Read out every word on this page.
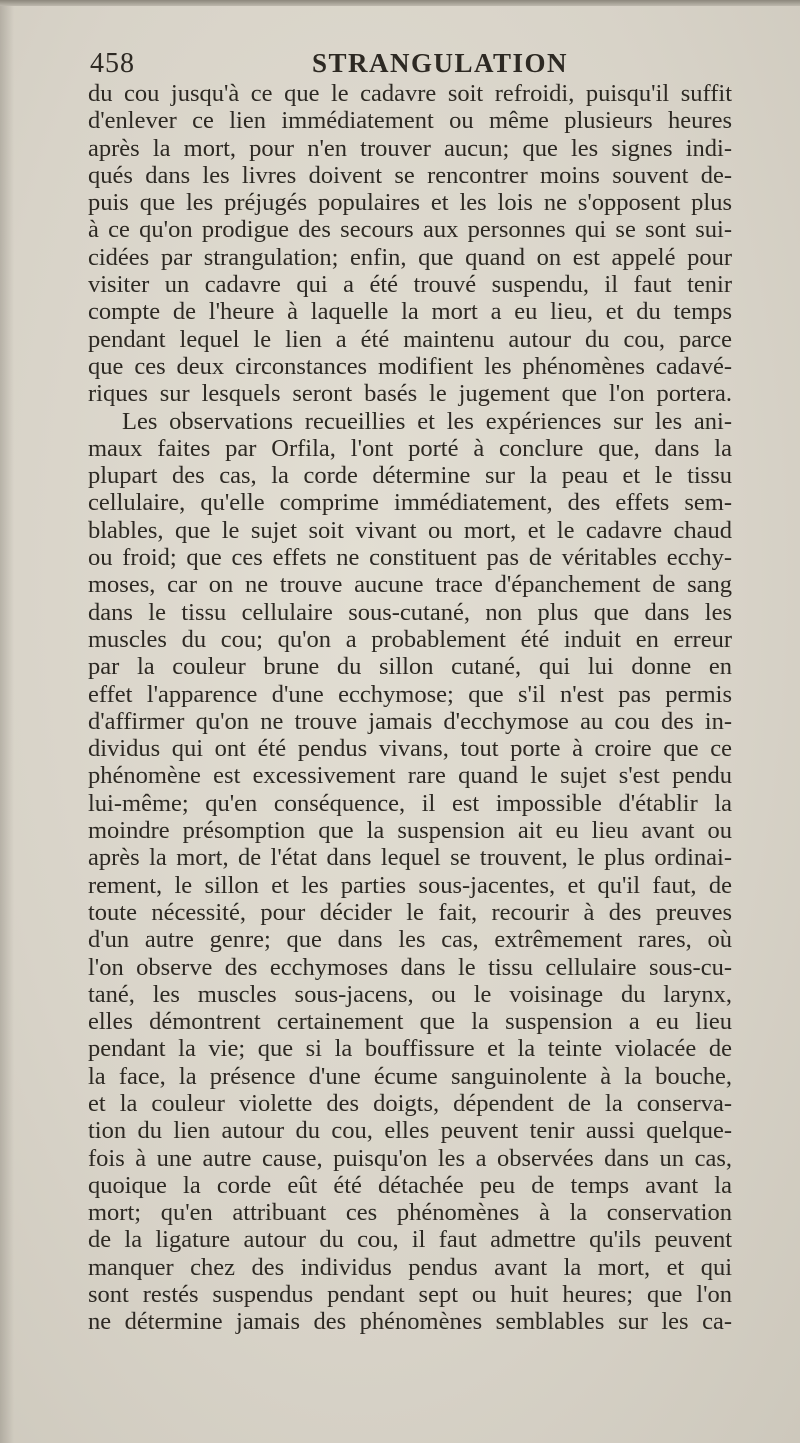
458	STRANGULATION
du cou jusqu'à ce que le cadavre soit refroidi, puisqu'il suffit
d'enlever ce lien immédiatement ou même plusieurs heures
après la mort, pour n'en trouver aucun; que les signes indi-
qués dans les livres doivent se rencontrer moins souvent de-
puis que les préjugés populaires et les lois ne s'opposent plus
à ce qu'on prodigue des secours aux personnes qui se sont sui-
cidées par strangulation; enfin, que quand on est appelé pour
visiter un cadavre qui a été trouvé suspendu, il faut tenir
compte de l'heure à laquelle la mort a eu lieu, et du temps
pendant lequel le lien a été maintenu autour du cou, parce
que ces deux circonstances modifient les phénomènes cadavé-
riques sur lesquels seront basés le jugement que l'on portera.
Les observations recueillies et les expériences sur les ani-
maux faites par Orfila, l'ont porté à conclure que, dans la
plupart des cas, la corde détermine sur la peau et le tissu
cellulaire, qu'elle comprime immédiatement, des effets sem-
blables, que le sujet soit vivant ou mort, et le cadavre chaud
ou froid; que ces effets ne constituent pas de véritables ecchy-
moses, car on ne trouve aucune trace d'épanchement de sang
dans le tissu cellulaire sous-cutané, non plus que dans les
muscles du cou; qu'on a probablement été induit en erreur
par la couleur brune du sillon cutané, qui lui donne en
effet l'apparence d'une ecchymose; que s'il n'est pas permis
d'affirmer qu'on ne trouve jamais d'ecchymose au cou des in-
dividus qui ont été pendus vivans, tout porte à croire que ce
phénomène est excessivement rare quand le sujet s'est pendu
lui-même; qu'en conséquence, il est impossible d'établir la
moindre présomption que la suspension ait eu lieu avant ou
après la mort, de l'état dans lequel se trouvent, le plus ordinai-
rement, le sillon et les parties sous-jacentes, et qu'il faut, de
toute nécessité, pour décider le fait, recourir à des preuves
d'un autre genre; que dans les cas, extrêmement rares, où
l'on observe des ecchymoses dans le tissu cellulaire sous-cu-
tané, les muscles sous-jacens, ou le voisinage du larynx,
elles démontrent certainement que la suspension a eu lieu
pendant la vie; que si la bouffissure et la teinte violacée de
la face, la présence d'une écume sanguinolente à la bouche,
et la couleur violette des doigts, dépendent de la conserva-
tion du lien autour du cou, elles peuvent tenir aussi quelque-
fois à une autre cause, puisqu'on les a observées dans un cas,
quoique la corde eût été détachée peu de temps avant la
mort; qu'en attribuant ces phénomènes à la conservation
de la ligature autour du cou, il faut admettre qu'ils peuvent
manquer chez des individus pendus avant la mort, et qui
sont restés suspendus pendant sept ou huit heures; que l'on
ne détermine jamais des phénomènes semblables sur les ca-
